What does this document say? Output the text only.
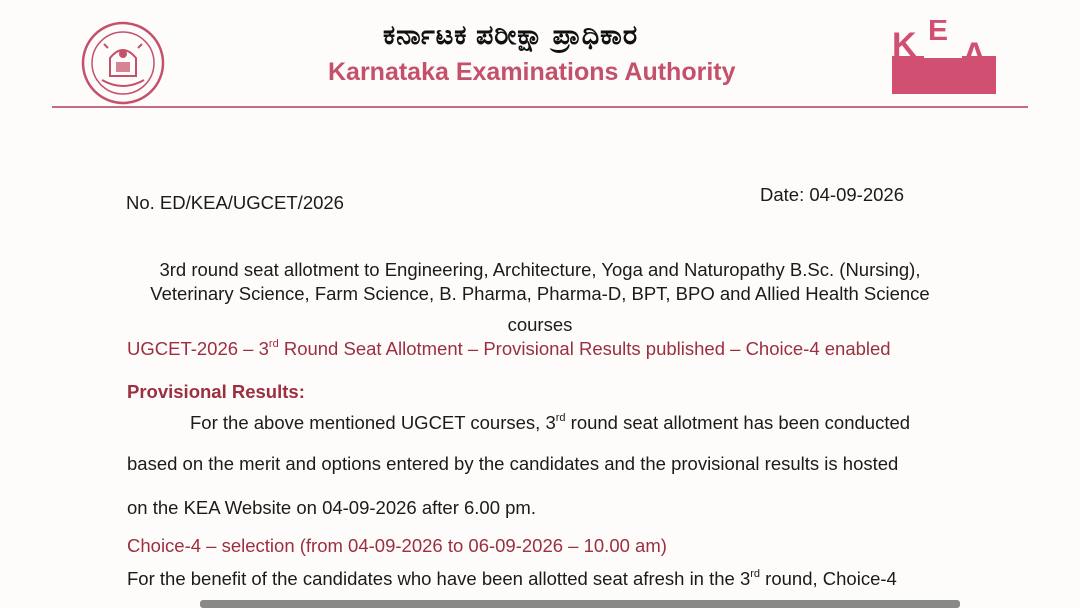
ಕರ್ನಾಟಕ ಪರೀಕ್ಷಾ ಪ್ರಾಧಿಕಾರ
Karnataka Examinations Authority
K E
A
No. ED/KEA/UGCET/2026	Date: 04-09-2026
3rd round seat allotment to Engineering, Architecture, Yoga and Naturopathy B.Sc. (Nursing),
Veterinary Science, Farm Science, B. Pharma, Pharma-D, BPT, BPO and Allied Health Science
courses
UGCET-2026 – 3rd Round Seat Allotment – Provisional Results published – Choice-4 enabled
Provisional Results:
For the above mentioned UGCET courses, 3rd round seat allotment has been conducted
based on the merit and options entered by the candidates and the provisional results is hosted
on the KEA Website on 04-09-2026 after 6.00 pm.
Choice-4 – selection (from 04-09-2026 to 06-09-2026 – 10.00 am)
For the benefit of the candidates who have been allotted seat afresh in the 3rd round, Choice-4
